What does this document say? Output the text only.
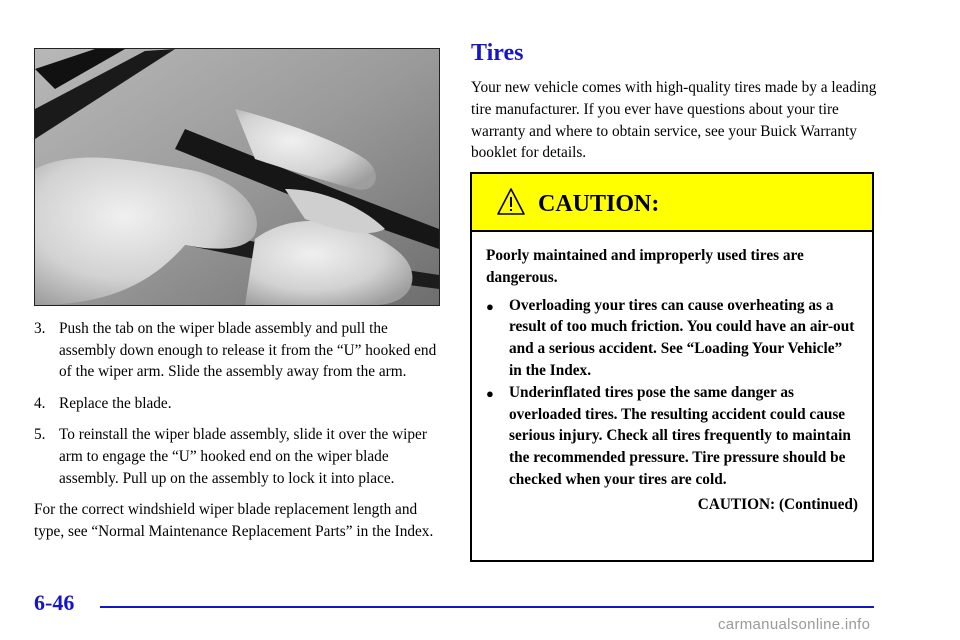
3. Push the tab on the wiper blade assembly and pull the assembly down enough to release it from the “U” hooked end of the wiper arm. Slide the assembly away from the arm.
4. Replace the blade.
5. To reinstall the wiper blade assembly, slide it over the wiper arm to engage the “U” hooked end on the wiper blade assembly. Pull up on the assembly to lock it into place.

For the correct windshield wiper blade replacement length and type, see “Normal Maintenance Replacement Parts” in the Index.

Tires

Your new vehicle comes with high-quality tires made by a leading tire manufacturer. If you ever have questions about your tire warranty and where to obtain service, see your Buick Warranty booklet for details.

CAUTION:

Poorly maintained and improperly used tires are dangerous.

● Overloading your tires can cause overheating as a result of too much friction. You could have an air-out and a serious accident. See “Loading Your Vehicle” in the Index.
● Underinflated tires pose the same danger as overloaded tires. The resulting accident could cause serious injury. Check all tires frequently to maintain the recommended pressure. Tire pressure should be checked when your tires are cold.
CAUTION: (Continued)
6-46
carmanualsonline.info
